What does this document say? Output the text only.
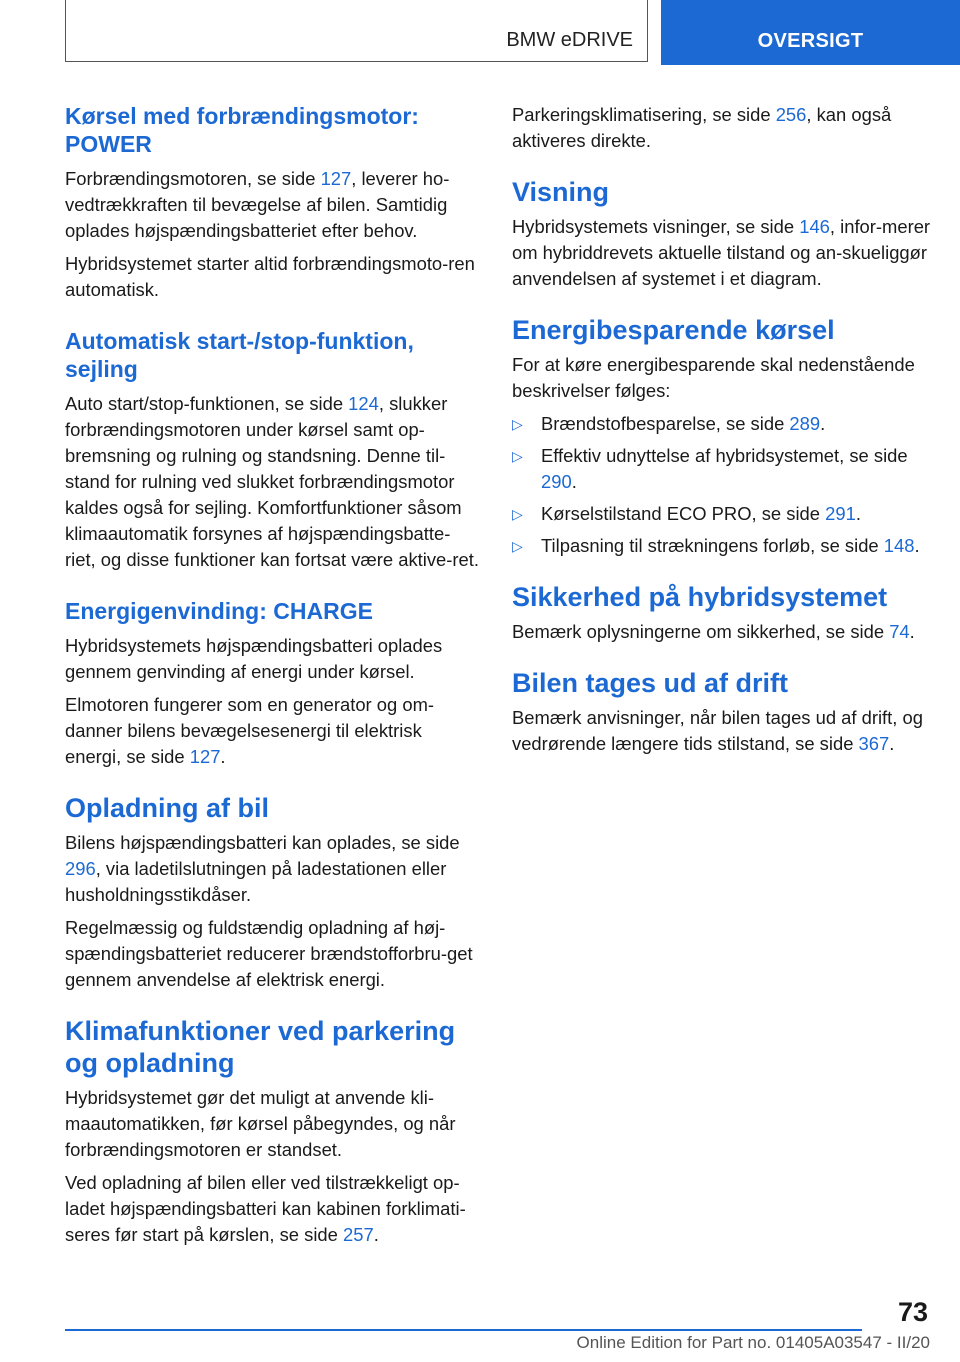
BMW eDRIVE	OVERSIGT
Kørsel med forbrændingsmotor: POWER

Forbrændingsmotoren, se side 127, leverer ho‐vedtrækkraften til bevægelse af bilen. Samtidig oplades højspændingsbatteriet efter behov.

Hybridsystemet starter altid forbrændingsmoto‐ren automatisk.

Automatisk start-/stop-funktion, sejling

Auto start/stop-funktionen, se side 124, slukker forbrændingsmotoren under kørsel samt op‐bremsning og rulning og standsning. Denne til‐stand for rulning ved slukket forbrændingsmotor kaldes også for sejling. Komfortfunktioner såsom klimaautomatik forsynes af højspændingsbatte‐riet, og disse funktioner kan fortsat være aktive‐ret.

Energigenvinding: CHARGE

Hybridsystemets højspændingsbatteri oplades gennem genvinding af energi under kørsel.

Elmotoren fungerer som en generator og om‐danner bilens bevægelsesenergi til elektrisk energi, se side 127.

Opladning af bil

Bilens højspændingsbatteri kan oplades, se side 296, via ladetilslutningen på ladestationen eller husholdningsstikdåser.

Regelmæssig og fuldstændig opladning af høj‐spændingsbatteriet reducerer brændstofforbru‐get gennem anvendelse af elektrisk energi.

Klimafunktioner ved parkering og opladning

Hybridsystemet gør det muligt at anvende kli‐maautomatikken, før kørsel påbegyndes, og når forbrændingsmotoren er standset.

Ved opladning af bilen eller ved tilstrækkeligt op‐ladet højspændingsbatteri kan kabinen forklimati‐seres før start på kørslen, se side 257.

Parkeringsklimatisering, se side 256, kan også aktiveres direkte.

Visning

Hybridsystemets visninger, se side 146, infor‐merer om hybriddrevets aktuelle tilstand og an‐skueliggør anvendelsen af systemet i et diagram.

Energibesparende kørsel

For at køre energibesparende skal nedenstående beskrivelser følges:

▷ Brændstofbesparelse, se side 289.
▷ Effektiv udnyttelse af hybridsystemet, se side 290.
▷ Kørselstilstand ECO PRO, se side 291.
▷ Tilpasning til strækningens forløb, se side 148.
Sikkerhed på hybridsystemet

Bemærk oplysningerne om sikkerhed, se side 74.

Bilen tages ud af drift

Bemærk anvisninger, når bilen tages ud af drift, og vedrørende længere tids stilstand, se side 367.

73
Online Edition for Part no. 01405A03547 - II/20
